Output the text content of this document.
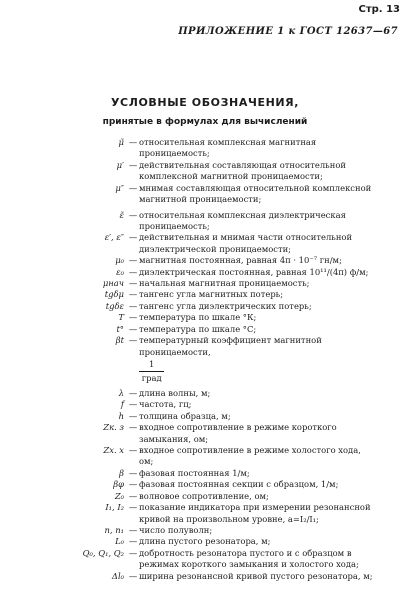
Стр. 13
ПРИЛОЖЕНИЕ 1 к ГОСТ 12637—67
УСЛОВНЫЕ ОБОЗНАЧЕНИЯ,
принятые в формулах для вычислений
μ̃ — относительная комплексная магнитная проницаемость;
μ′ — действительная составляющая относительной комплексной магнитной проницаемости;
μ″ — мнимая составляющая относительной комплексной магнитной проницаемости;
ε̃ — относительная комплексная диэлектрическая проницаемость;
ε′, ε″ — действительная и мнимая части относительной диэлектрической проницаемости;
μ₀ — магнитная постоянная, равная 4π · 10⁻⁷ гн/м;
ε₀ — диэлектрическая постоянная, равная 10¹¹/(4π) ф/м;
μнач — начальная магнитная проницаемость;
tgδμ — тангенс угла магнитных потерь;
tgδε — тангенс угла диэлектрических потерь;
T — температура по шкале °К;
t° — температура по шкале °С;
βt — температурный коэффициент магнитной проницаемости,
$\frac{1}{\text{град}}$
λ — длина волны, м;
f — частота, гц;
h — толщина образца, м;
Zк. з — входное сопротивление в режиме короткого замыкания, ом;
Zх. х — входное сопротивление в режиме холостого хода, ом;
β — фазовая постоянная 1/м;
βφ — фазовая постоянная секции с образцом, 1/м;
Z₀ — волновое сопротивление, ом;
I₁, I₂ — показание индикатора при измерении резонансной кривой на произвольном уровне, a=I₂/I₁;
n, n₁ — число полуволн;
L₀ — длина пустого резонатора, м;
Q₀, Q₁, Q₂ — добротность резонатора пустого и с образцом в режимах короткого замыкания и холостого хода;
Δl₀ — ширина резонансной кривой пустого резонатора, м;
